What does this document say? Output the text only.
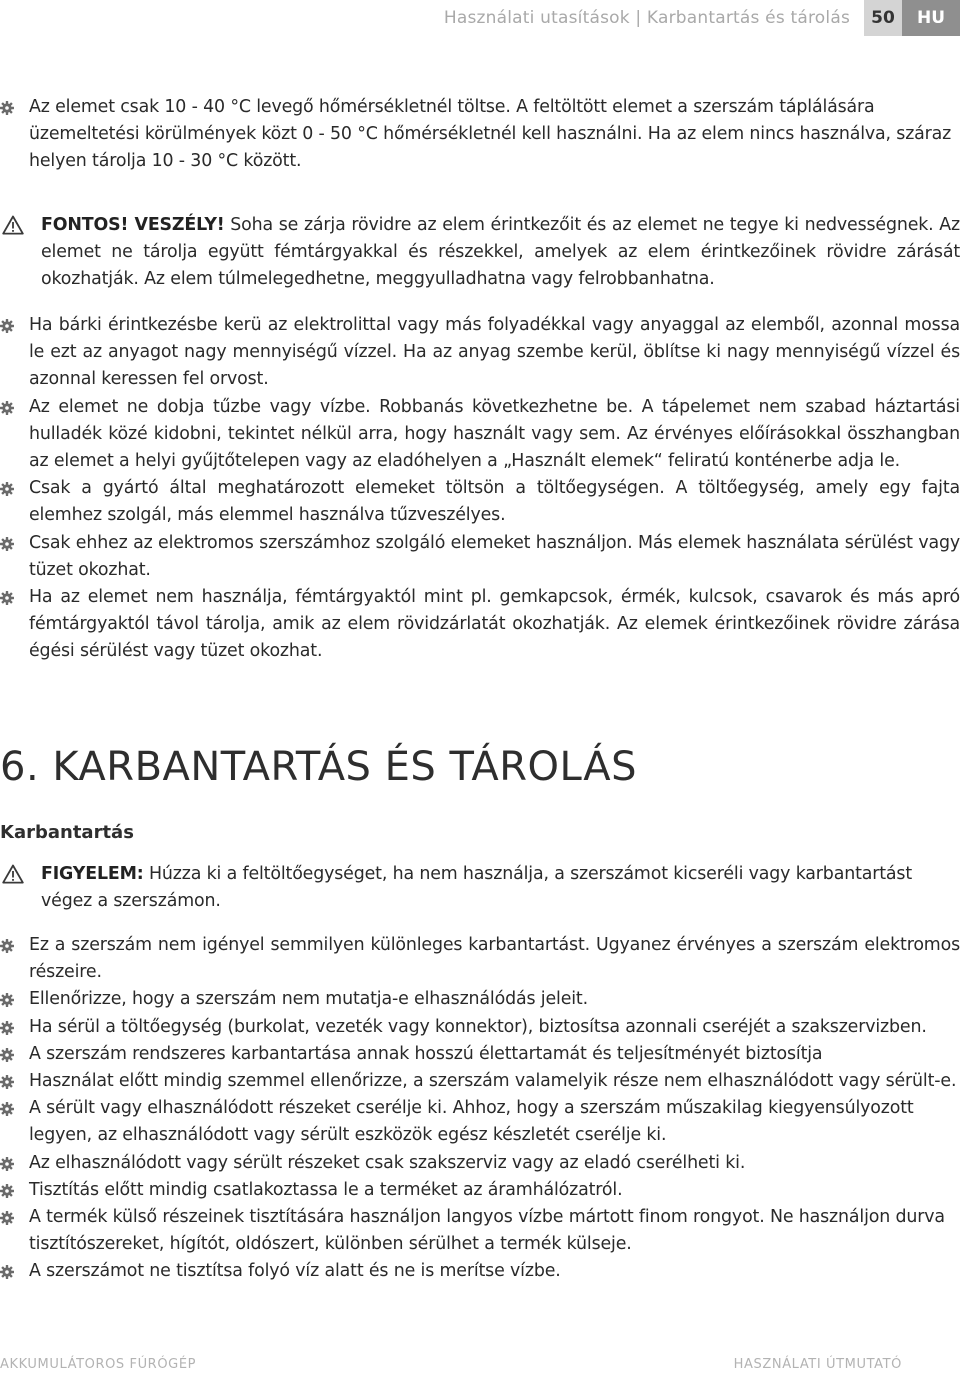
Használati utasítások | Karbantartás és tárolás	50	HU
Az elemet csak 10 - 40 °C levegő hőmérsékletnél töltse. A feltöltött elemet a szerszám táplálására üzemeltetési körülmények közt 0 - 50 °C hőmérsékletnél kell használni. Ha az elem nincs használva, száraz helyen tárolja 10 - 30 °C között.
FONTOS! VESZÉLY! Soha se zárja rövidre az elem érintkezőit és az elemet ne tegye ki nedvességnek. Az elemet ne tárolja együtt fémtárgyakkal és részekkel, amelyek az elem érintkezőinek rövidre zárását okozhatják. Az elem túlmelegedhetne, meggyulladhatna vagy felrobbanhatna.
Ha bárki érintkezésbe kerü az elektrolittal vagy más folyadékkal vagy anyaggal az elemből, azonnal mossa le ezt az anyagot nagy mennyiségű vízzel. Ha az anyag szembe kerül, öblítse ki nagy mennyiségű vízzel és azonnal keressen fel orvost.
Az elemet ne dobja tűzbe vagy vízbe. Robbanás következhetne be. A tápelemet nem szabad háztartási hulladék közé kidobni, tekintet nélkül arra, hogy használt vagy sem. Az érvényes előírásokkal összhangban az elemet a helyi gyűjtőtelepen vagy az eladóhelyen a „Használt elemek“ feliratú konténerbe adja le.
Csak a gyártó által meghatározott elemeket töltsön a töltőegységen. A töltőegység, amely egy fajta elemhez szolgál, más elemmel használva tűzveszélyes.
Csak ehhez az elektromos szerszámhoz szolgáló elemeket használjon. Más elemek használata sérülést vagy tüzet okozhat.
Ha az elemet nem használja, fémtárgyaktól mint pl. gemkapcsok, érmék, kulcsok, csavarok és más apró fémtárgyaktól távol tárolja, amik az elem rövidzárlatát okozhatják. Az elemek érintkezőinek rövidre zárása égési sérülést vagy tüzet okozhat.
6. KARBANTARTÁS ÉS TÁROLÁS
Karbantartás
FIGYELEM: Húzza ki a feltöltőegységet, ha nem használja, a szerszámot kicseréli vagy karbantartást végez a szerszámon.
Ez a szerszám nem igényel semmilyen különleges karbantartást. Ugyanez érvényes a szerszám elektromos részeire.
Ellenőrizze, hogy a szerszám nem mutatja-e elhasználódás jeleit.
Ha sérül a töltőegység (burkolat, vezeték vagy konnektor), biztosítsa azonnali cseréjét a szakszervizben.
A szerszám rendszeres karbantartása annak hosszú élettartamát és teljesítményét biztosítja
Használat előtt mindig szemmel ellenőrizze, a szerszám valamelyik része nem elhasználódott vagy sérült-e.
A sérült vagy elhasználódott részeket cserélje ki. Ahhoz, hogy a szerszám műszakilag kiegyensúlyozott legyen, az elhasználódott vagy sérült eszközök egész készletét cserélje ki.
Az elhasználódott vagy sérült részeket csak szakszerviz vagy az eladó cserélheti ki.
Tisztítás előtt mindig csatlakoztassa le a terméket az áramhálózatról.
A termék külső részeinek tisztítására használjon langyos vízbe mártott finom rongyot. Ne használjon durva tisztítószereket, hígítót, oldószert, különben sérülhet a termék külseje.
A szerszámot ne tisztítsa folyó víz alatt és ne is merítse vízbe.
AKKUMULÁTOROS FÚRÓGÉP	HASZNÁLATI ÚTMUTATÓ
